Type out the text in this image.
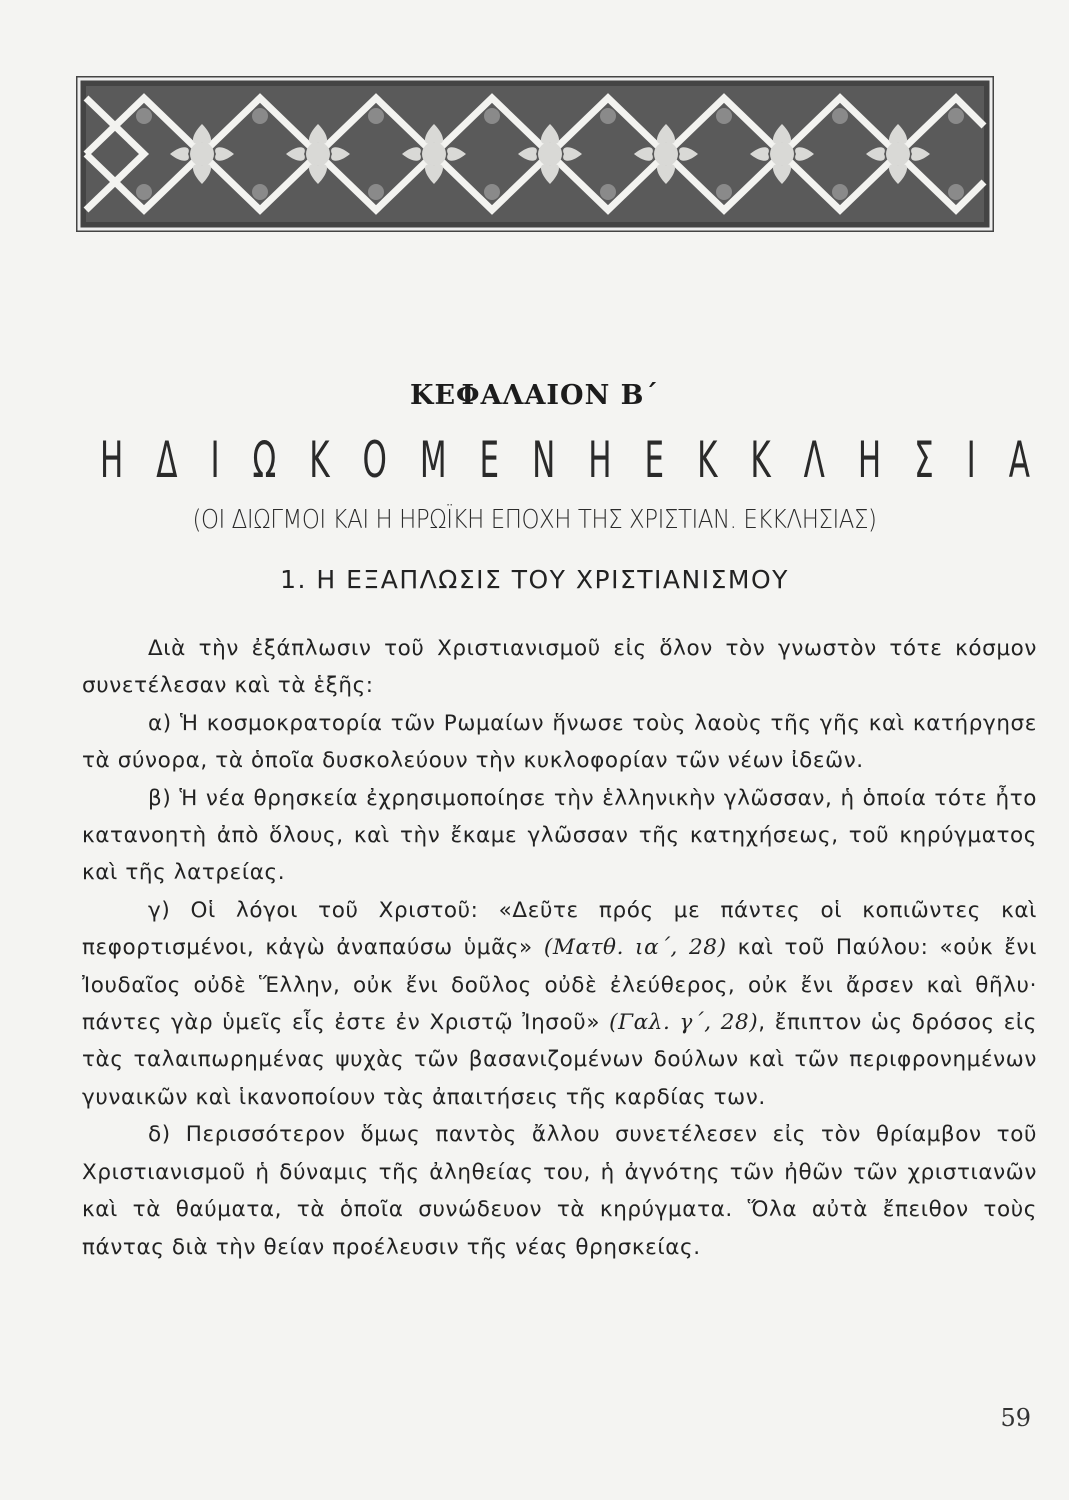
ΚΕΦΑΛΑΙΟΝ Β΄
Η Δ Ι Ω Κ Ο Μ Ε Ν Η Ε Κ Κ Λ Η Σ Ι Α
(ΟΙ ΔΙΩΓΜΟΙ ΚΑΙ Η ΗΡΩΪΚΗ ΕΠΟΧΗ ΤΗΣ ΧΡΙΣΤΙΑΝ. ΕΚΚΛΗΣΙΑΣ)
1. Η ΕΞΑΠΛΩΣΙΣ ΤΟΥ ΧΡΙΣΤΙΑΝΙΣΜΟΥ

Διὰ τὴν ἐξάπλωσιν τοῦ Χριστιανισμοῦ εἰς ὅλον τὸν γνωστὸν τότε κόσμον συνετέλεσαν καὶ τὰ ἑξῆς:

α) Ἡ κοσμοκρατορία τῶν Ρωμαίων ἥνωσε τοὺς λαοὺς τῆς γῆς καὶ κατήργησε τὰ σύνορα, τὰ ὁποῖα δυσκολεύουν τὴν κυκλοφορίαν τῶν νέων ἰδεῶν.

β) Ἡ νέα θρησκεία ἐχρησιμοποίησε τὴν ἑλληνικὴν γλῶσσαν, ἡ ὁποία τότε ἦτο κατανοητὴ ἀπὸ ὅλους, καὶ τὴν ἔκαμε γλῶσσαν τῆς κατηχήσεως, τοῦ κηρύγματος καὶ τῆς λατρείας.

γ) Οἱ λόγοι τοῦ Χριστοῦ: «Δεῦτε πρός με πάντες οἱ κοπιῶντες καὶ πεφορτισμένοι, κἀγὼ ἀναπαύσω ὑμᾶς» (Ματθ. ια΄, 28) καὶ τοῦ Παύλου: «οὐκ ἔνι Ἰουδαῖος οὐδὲ Ἕλλην, οὐκ ἔνι δοῦλος οὐδὲ ἐλεύθερος, οὐκ ἔνι ἄρσεν καὶ θῆλυ· πάντες γὰρ ὑμεῖς εἷς ἐστε ἐν Χριστῷ Ἰησοῦ» (Γαλ. γ΄, 28), ἔπιπτον ὡς δρόσος εἰς τὰς ταλαιπωρημένας ψυχὰς τῶν βασανιζομένων δούλων καὶ τῶν περιφρονημένων γυναικῶν καὶ ἱκανοποίουν τὰς ἀπαιτήσεις τῆς καρδίας των.

δ) Περισσότερον ὅμως παντὸς ἄλλου συνετέλεσεν εἰς τὸν θρίαμβον τοῦ Χριστιανισμοῦ ἡ δύναμις τῆς ἀληθείας του, ἡ ἀγνότης τῶν ἠθῶν τῶν χριστιανῶν καὶ τὰ θαύματα, τὰ ὁποῖα συνώδευον τὰ κηρύγματα. Ὅλα αὐτὰ ἔπειθον τοὺς πάντας διὰ τὴν θείαν προέλευσιν τῆς νέας θρησκείας.

59
